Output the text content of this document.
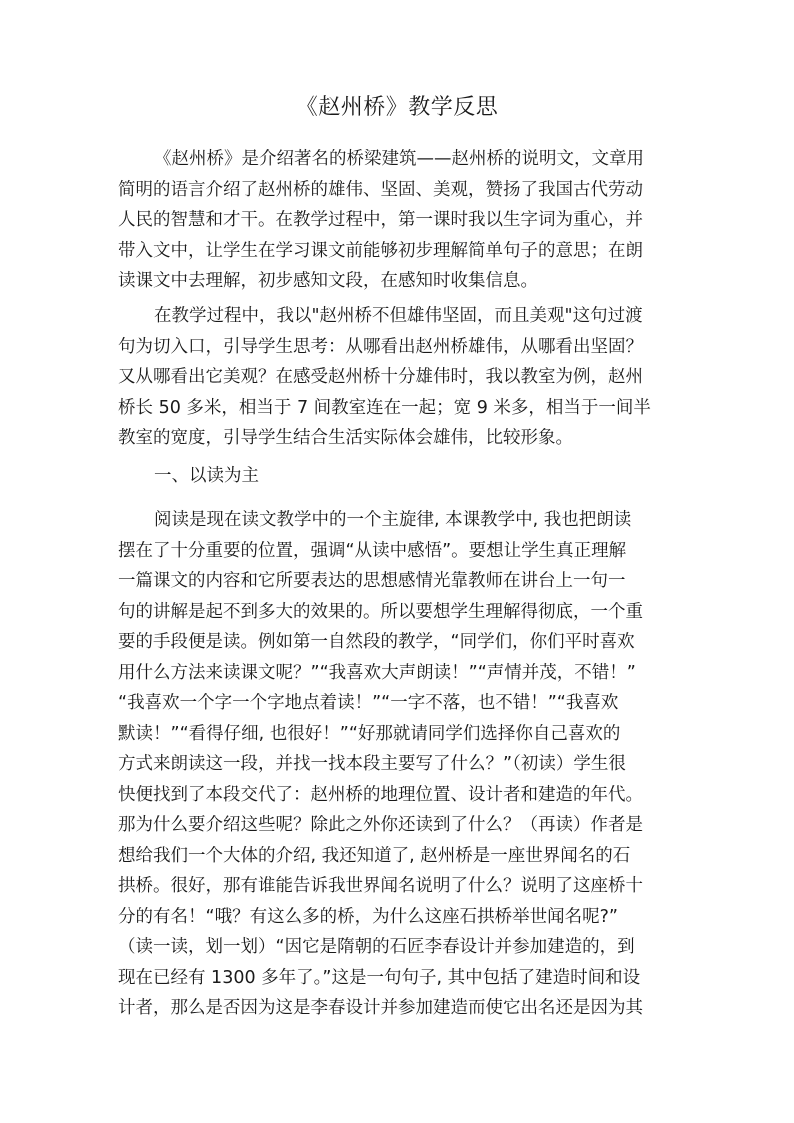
《赵州桥》教学反思
《赵州桥》是介绍著名的桥梁建筑——赵州桥的说明文，文章用
简明的语言介绍了赵州桥的雄伟、坚固、美观，赞扬了我国古代劳动
人民的智慧和才干。在教学过程中，第一课时我以生字词为重心，并
带入文中，让学生在学习课文前能够初步理解简单句子的意思；在朗
读课文中去理解，初步感知文段，在感知时收集信息。
在教学过程中，我以"赵州桥不但雄伟坚固，而且美观"这句过渡
句为切入口，引导学生思考：从哪看出赵州桥雄伟，从哪看出坚固？
又从哪看出它美观？在感受赵州桥十分雄伟时，我以教室为例，赵州
桥长 50 多米，相当于 7 间教室连在一起；宽 9 米多，相当于一间半
教室的宽度，引导学生结合生活实际体会雄伟，比较形象。
一、以读为主
阅读是现在读文教学中的一个主旋律, 本课教学中, 我也把朗读
摆在了十分重要的位置，强调“从读中感悟”。要想让学生真正理解
一篇课文的内容和它所要表达的思想感情光靠教师在讲台上一句一
句的讲解是起不到多大的效果的。所以要想学生理解得彻底，一个重
要的手段便是读。例如第一自然段的教学，“同学们，你们平时喜欢
用什么方法来读课文呢？”“我喜欢大声朗读！”“声情并茂，不错！”
“我喜欢一个字一个字地点着读！”“一字不落，也不错！”“我喜欢
默读！”“看得仔细, 也很好！”“好那就请同学们选择你自己喜欢的
方式来朗读这一段，并找一找本段主要写了什么？”（初读）学生很
快便找到了本段交代了：赵州桥的地理位置、设计者和建造的年代。
那为什么要介绍这些呢？除此之外你还读到了什么？（再读）作者是
想给我们一个大体的介绍, 我还知道了, 赵州桥是一座世界闻名的石
拱桥。很好，那有谁能告诉我世界闻名说明了什么？说明了这座桥十
分的有名！“哦？有这么多的桥，为什么这座石拱桥举世闻名呢?”
（读一读，划一划）“因它是隋朝的石匠李春设计并参加建造的，到
现在已经有 1300 多年了。”这是一句句子, 其中包括了建造时间和设
计者，那么是否因为这是李春设计并参加建造而使它出名还是因为其
